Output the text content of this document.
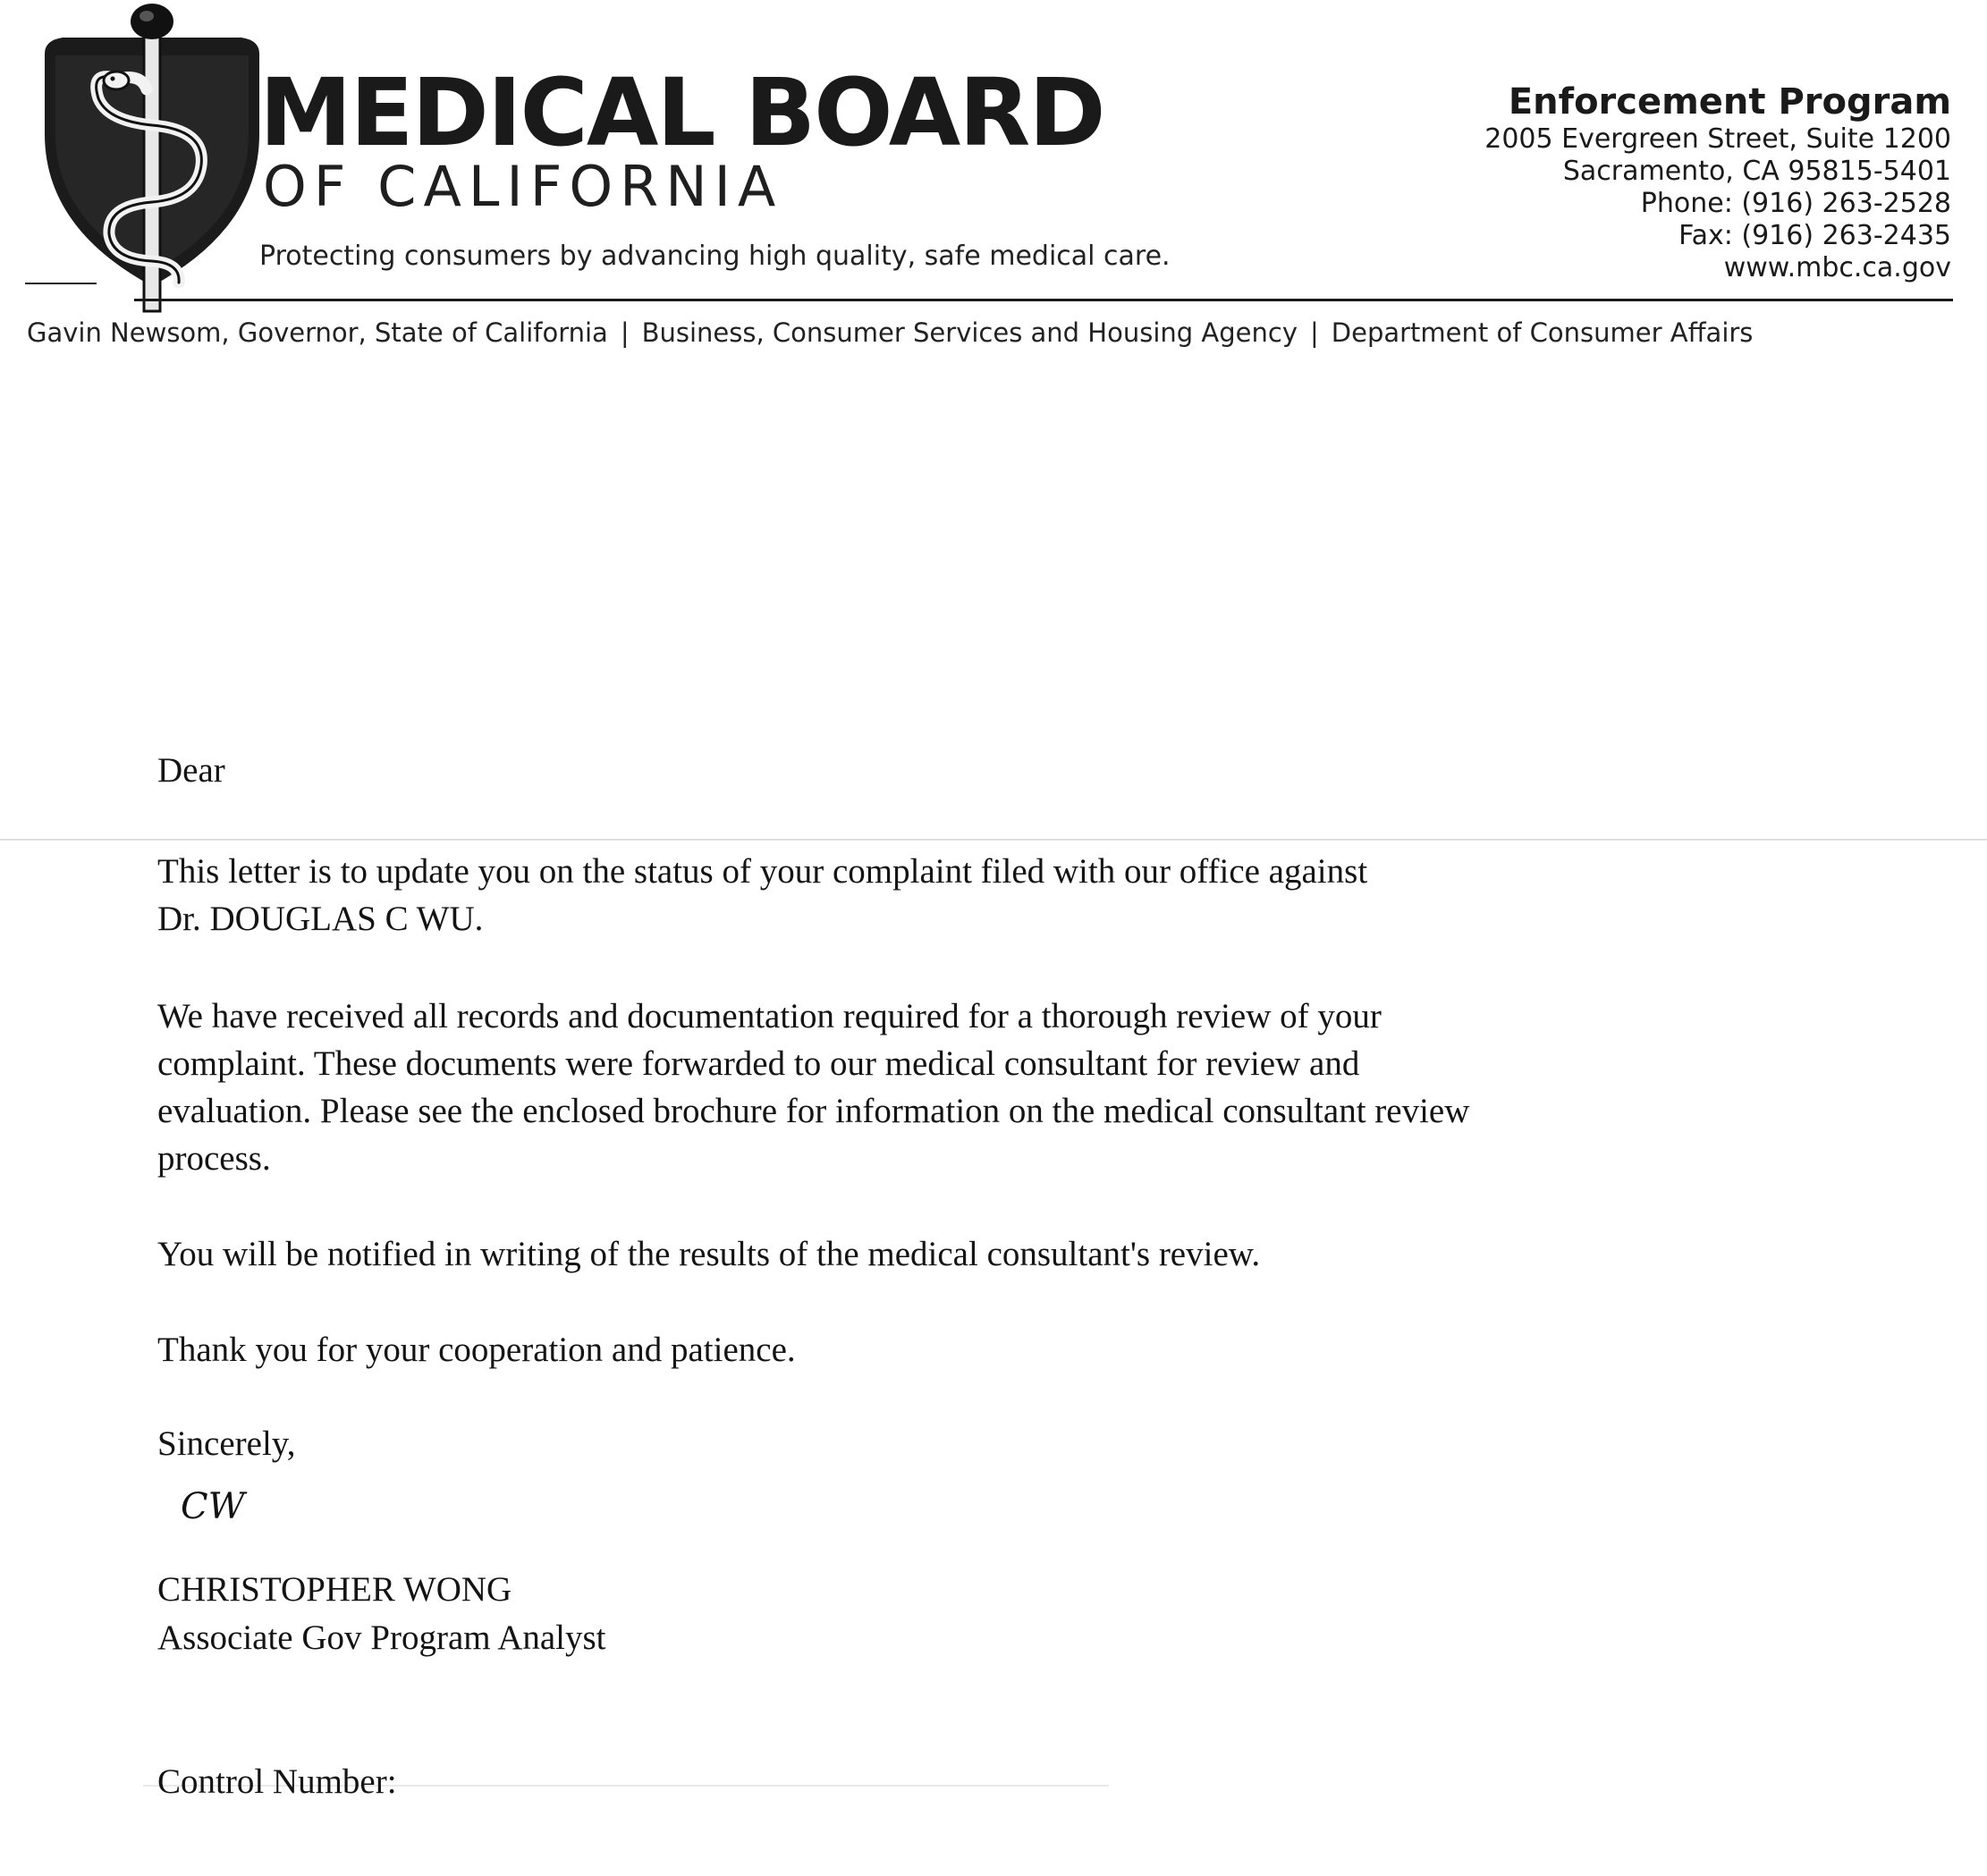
MEDICAL BOARD
OF CALIFORNIA

Protecting consumers by advancing high quality, safe medical care.

Enforcement Program
2005 Evergreen Street, Suite 1200
Sacramento, CA 95815-5401
Phone: (916) 263-2528
Fax: (916) 263-2435
www.mbc.ca.gov
Gavin Newsom, Governor, State of California | Business, Consumer Services and Housing Agency | Department of Consumer Affairs

Dear

This letter is to update you on the status of your complaint filed with our office against
Dr. DOUGLAS C WU.

We have received all records and documentation required for a thorough review of your
complaint. These documents were forwarded to our medical consultant for review and
evaluation. Please see the enclosed brochure for information on the medical consultant review
process.

You will be notified in writing of the results of the medical consultant's review.

Thank you for your cooperation and patience.

Sincerely,

CW
CHRISTOPHER WONG
Associate Gov Program Analyst
Control Number:
